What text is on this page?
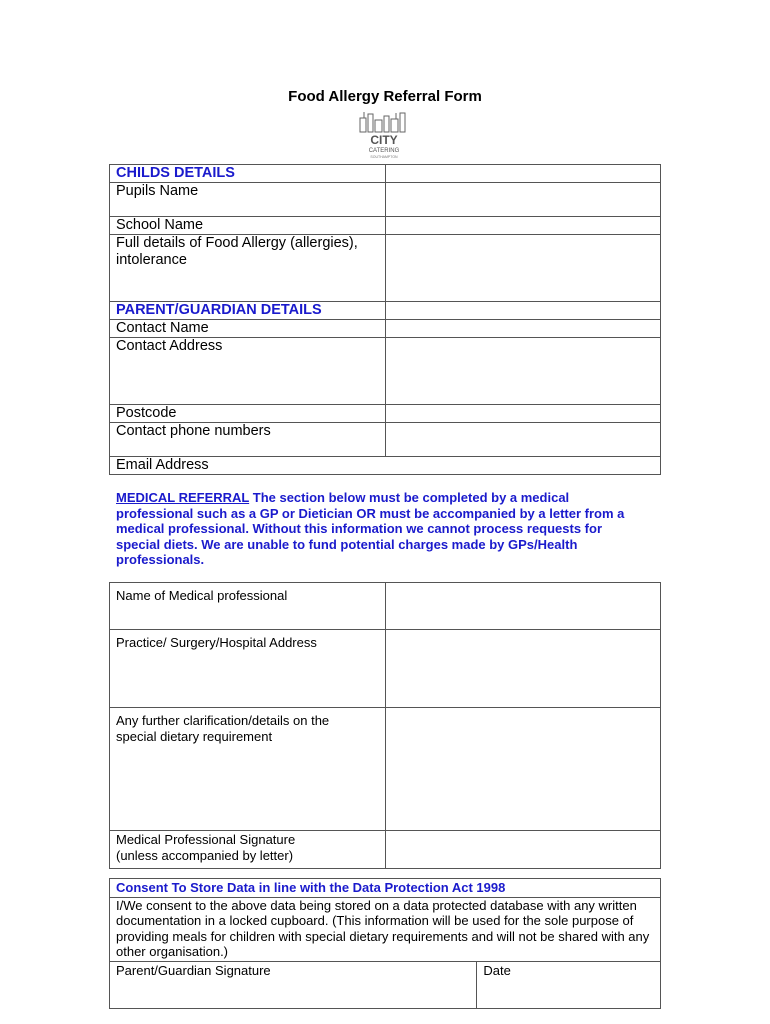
Food Allergy Referral Form
CITY
CATERING
SOUTHAMPTON
CHILDS DETAILS	
Pupils Name	
School Name	

Full details of Food Allergy (allergies),
intolerance	

PARENT/GUARDIAN DETAILS	
Contact Name	
Contact Address	
Postcode	
Contact phone numbers	
Email Address	
MEDICAL REFERRAL The section below must be completed by a medical professional such as a GP or Dietician OR must be accompanied by a letter from a medical professional. Without this information we cannot process requests for special diets. We are unable to fund potential charges made by GPs/Health professionals.
Name of Medical professional	
Practice/ Surgery/Hospital Address	

Any further clarification/details on the
special dietary requirement	

Medical Professional Signature
(unless accompanied by letter)	

Consent To Store Data in line with the Data Protection Act 1998
I/We consent to the above data being stored on a data protected database with any written documentation in a locked cupboard. (This information will be used for the sole purpose of providing meals for children with special dietary requirements and will not be shared with any other organisation.)
Parent/Guardian Signature	Date
